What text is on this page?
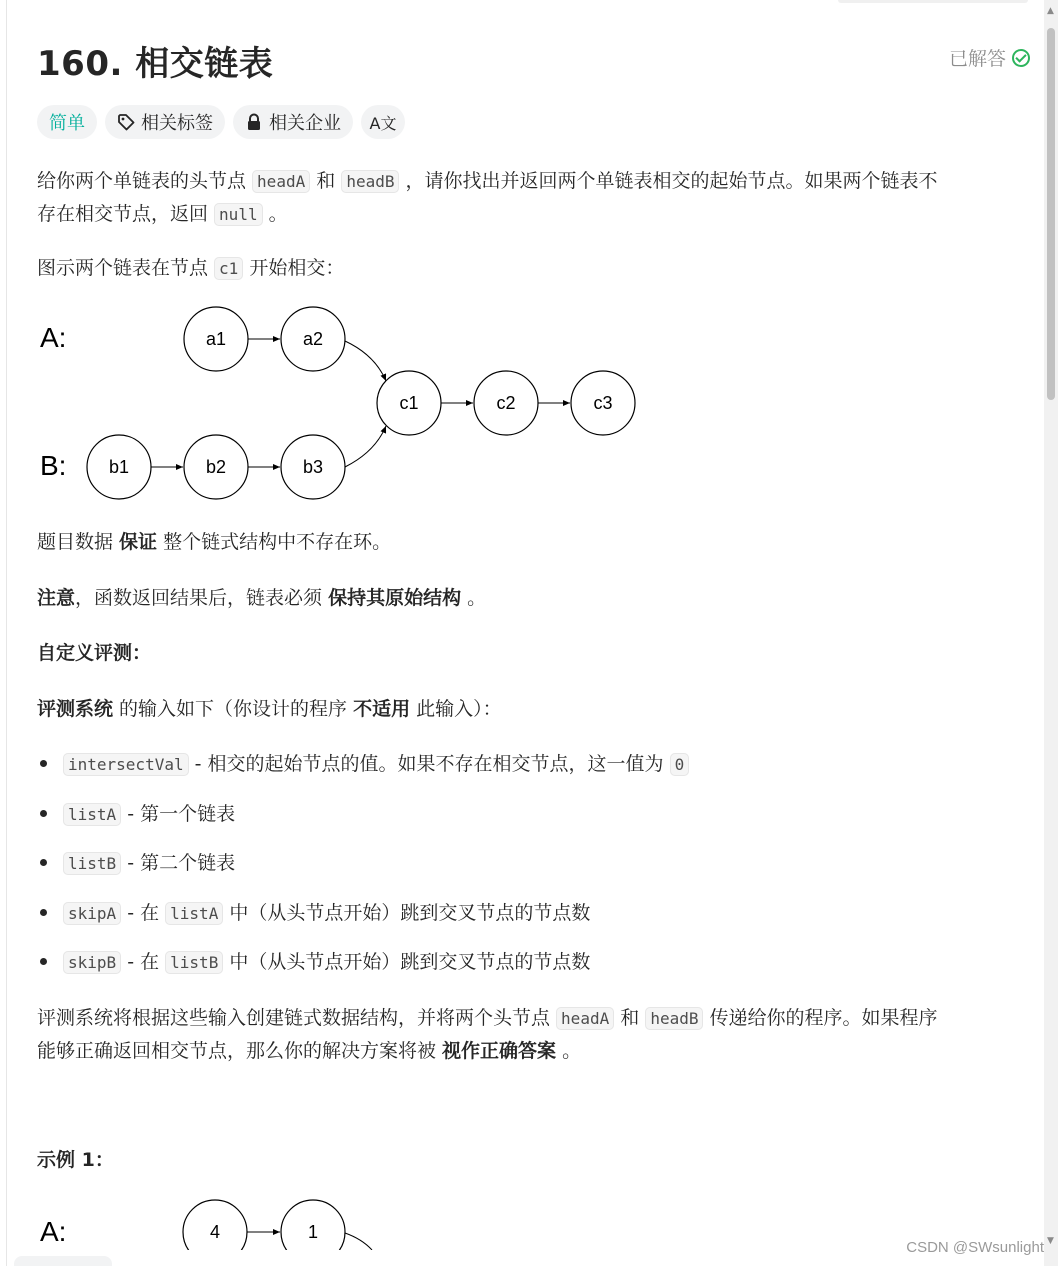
160. 相交链表	已解答
简单	相关标签	相关企业 A文
给你两个单链表的头节点 headA 和 headB ，请你找出并返回两个单链表相交的起始节点。如果两个链表不
存在相交节点，返回 null 。
图示两个链表在节点 c1 开始相交：
A:
B:
a1	a2
c1	c2	c3
b1	b2	b3
题目数据 保证 整个链式结构中不存在环。
注意，函数返回结果后，链表必须 保持其原始结构 。
自定义评测：
评测系统 的输入如下（你设计的程序 不适用 此输入）：
intersectVal - 相交的起始节点的值。如果不存在相交节点，这一值为 0
listA - 第一个链表
listB - 第二个链表
skipA - 在 listA 中（从头节点开始）跳到交叉节点的节点数
skipB - 在 listB 中（从头节点开始）跳到交叉节点的节点数
评测系统将根据这些输入创建链式数据结构，并将两个头节点 headA 和 headB 传递给你的程序。如果程序
能够正确返回相交节点，那么你的解决方案将被 视作正确答案 。
示例 1：
A:	4	1
▲
▼
CSDN @SWsunlight
